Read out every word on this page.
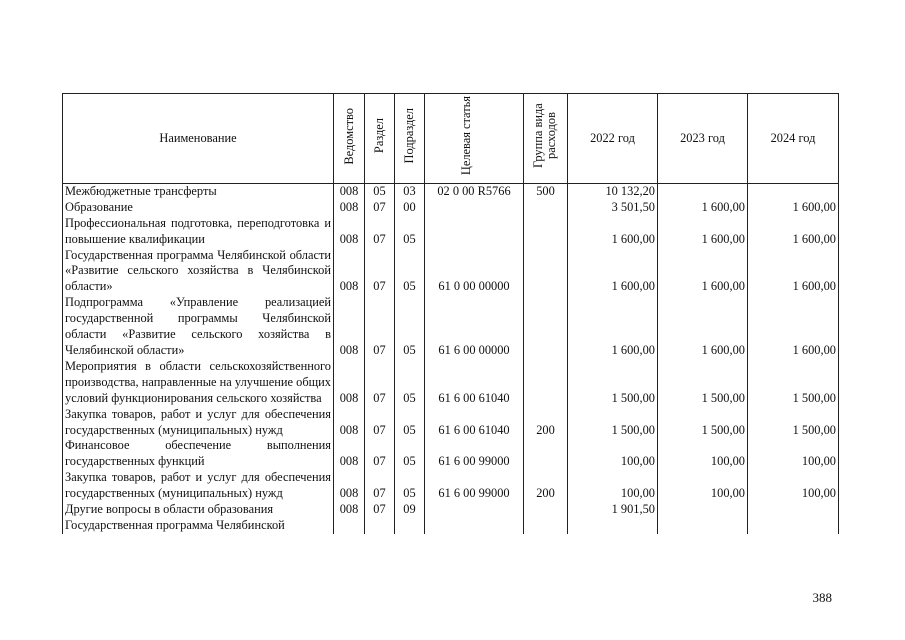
Наименование	Ведомство	Раздел	Подраздел	Целевая статья	Группа вида расходов	2022 год	2023 год	2024 год
Межбюджетные трансферты	008	05	03	02 0 00 R5766	500	10 132,20		
Образование	008	07	00			3 501,50	1 600,00	1 600,00
Профессиональная подготовка, переподготовка и повышение квалификации	008	07	05			1 600,00	1 600,00	1 600,00
Государственная программа Челябинской области «Развитие сельского хозяйства в Челябинской области»	008	07	05	61 0 00 00000		1 600,00	1 600,00	1 600,00
Подпрограмма «Управление реализацией государственной программы Челябинской области «Развитие сельского хозяйства в Челябинской области»	008	07	05	61 6 00 00000		1 600,00	1 600,00	1 600,00
Мероприятия в области сельскохозяйственного производства, направленные на улучшение общих условий функционирования сельского хозяйства	008	07	05	61 6 00 61040		1 500,00	1 500,00	1 500,00
Закупка товаров, работ и услуг для обеспечения государственных (муниципальных) нужд	008	07	05	61 6 00 61040	200	1 500,00	1 500,00	1 500,00
Финансовое обеспечение выполнения государственных функций	008	07	05	61 6 00 99000		100,00	100,00	100,00
Закупка товаров, работ и услуг для обеспечения государственных (муниципальных) нужд	008	07	05	61 6 00 99000	200	100,00	100,00	100,00
Другие вопросы в области образования	008	07	09			1 901,50		
Государственная программа Челябинской								
388
